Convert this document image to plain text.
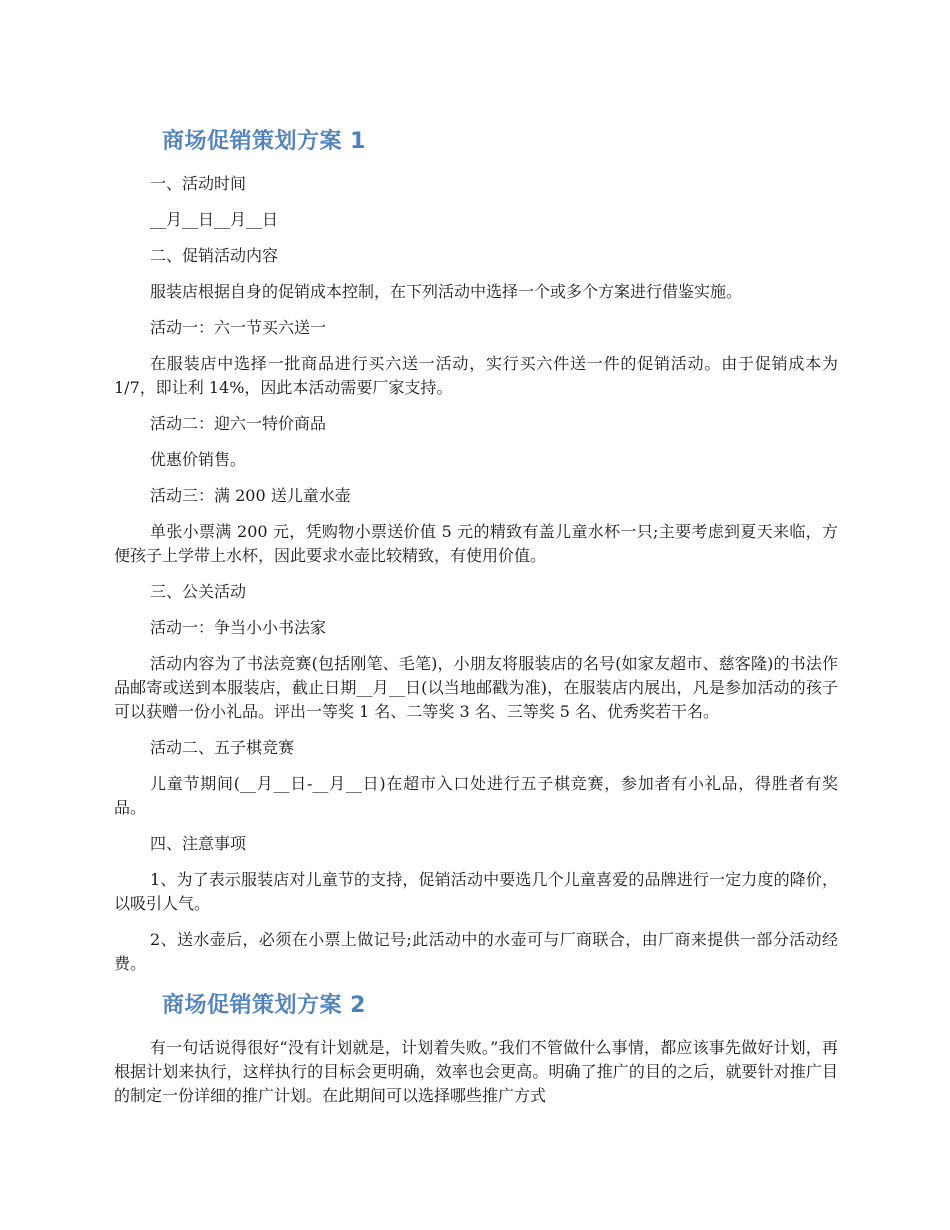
商场促销策划方案 1

一、活动时间

__月__日__月__日

二、促销活动内容

服装店根据自身的促销成本控制，在下列活动中选择一个或多个方案进行借鉴实施。

活动一：六一节买六送一

在服装店中选择一批商品进行买六送一活动，实行买六件送一件的促销活动。由于促销成本为 1/7，即让利 14%，因此本活动需要厂家支持。

活动二：迎六一特价商品

优惠价销售。

活动三：满 200 送儿童水壶

单张小票满 200 元，凭购物小票送价值 5 元的精致有盖儿童水杯一只;主要考虑到夏天来临，方便孩子上学带上水杯，因此要求水壶比较精致，有使用价值。

三、公关活动

活动一：争当小小书法家

活动内容为了书法竞赛(包括刚笔、毛笔)，小朋友将服装店的名号(如家友超市、慈客隆)的书法作品邮寄或送到本服装店，截止日期__月__日(以当地邮戳为准)，在服装店内展出，凡是参加活动的孩子可以获赠一份小礼品。评出一等奖 1 名、二等奖 3 名、三等奖 5 名、优秀奖若干名。

活动二、五子棋竞赛

儿童节期间(__月__日-__月__日)在超市入口处进行五子棋竞赛，参加者有小礼品，得胜者有奖品。

四、注意事项

1、为了表示服装店对儿童节的支持，促销活动中要选几个儿童喜爱的品牌进行一定力度的降价，以吸引人气。

2、送水壶后，必须在小票上做记号;此活动中的水壶可与厂商联合，由厂商来提供一部分活动经费。

商场促销策划方案 2

有一句话说得很好“没有计划就是，计划着失败。”我们不管做什么事情，都应该事先做好计划，再根据计划来执行，这样执行的目标会更明确，效率也会更高。明确了推广的目的之后，就要针对推广目的制定一份详细的推广计划。在此期间可以选择哪些推广方式
